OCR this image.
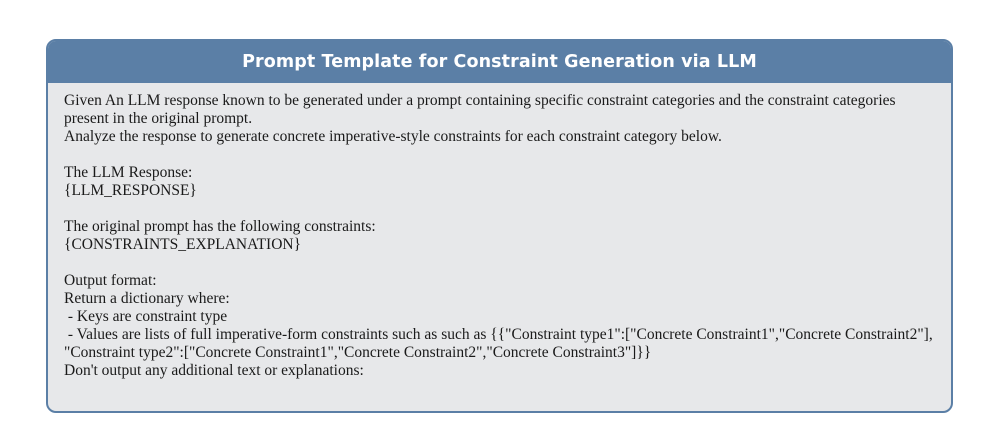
Prompt Template for Constraint Generation via LLM
Given An LLM response known to be generated under a prompt containing specific constraint categories and the constraint categories present in the original prompt.
Analyze the response to generate concrete imperative-style constraints for each constraint category below.
The LLM Response:
{LLM_RESPONSE}
The original prompt has the following constraints:
{CONSTRAINTS_EXPLANATION}
Output format:
Return a dictionary where:
- Keys are constraint type
- Values are lists of full imperative-form constraints such as such as {{"Constraint type1":["Concrete Constraint1","Concrete Constraint2"], "Constraint type2":["Concrete Constraint1","Concrete Constraint2","Concrete Constraint3"]}}
Don't output any additional text or explanations:
